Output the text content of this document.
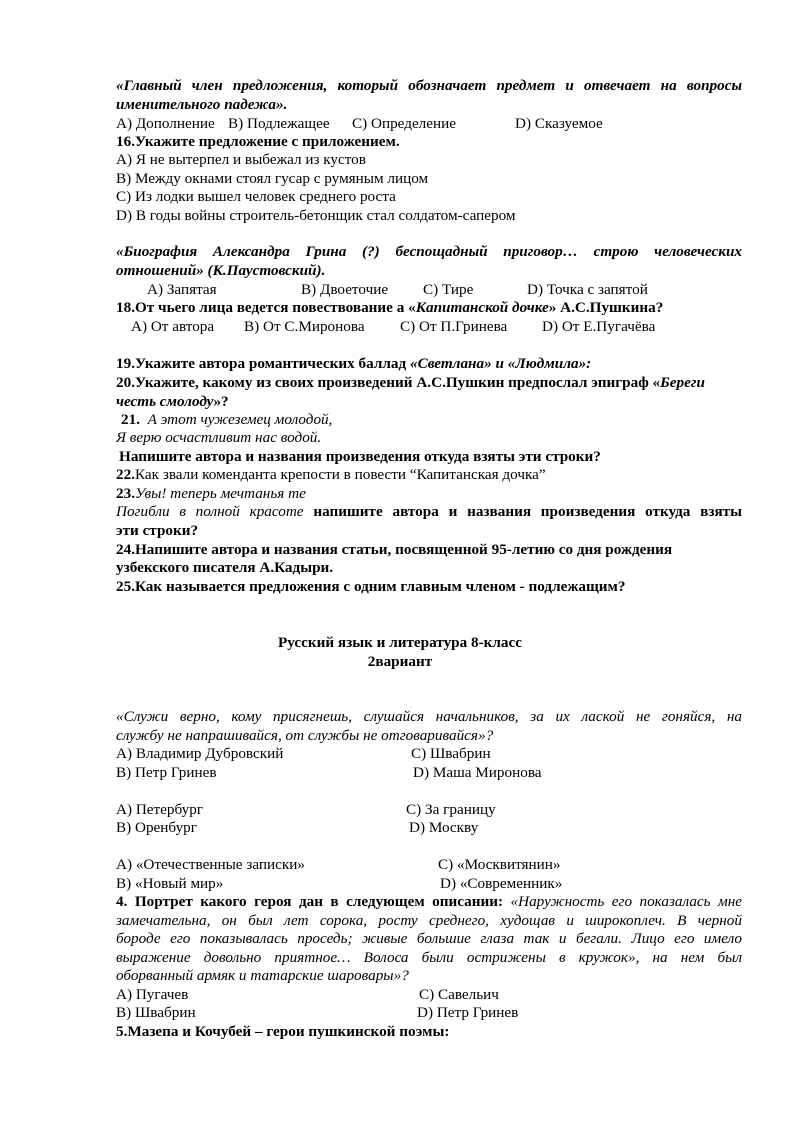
«Главный член предложения, который обозначает предмет и отвечает на вопросы
именительного падежа».
А) Дополнение В) Подлежащее С) Определение	D) Сказуемое
16.Укажите предложение с приложением.
А) Я не вытерпел и выбежал из кустов
В) Между окнами стоял гусар с румяным лицом
С) Из лодки вышел человек среднего роста
D) В годы войны строитель-бетонщик стал солдатом-сапером
«Биография Александра Грина (?) беспощадный приговор… строю человеческих
отношений» (К.Паустовский).
А) Запятая	В) Двоеточие С) Тире	D) Точка с запятой
18.От чьего лица ведется повествование а «Капитанской дочке» А.С.Пушкина?
А) От автора В) От С.Миронова С) От П.Гринева D) От Е.Пугачёва
19.Укажите автора романтических баллад «Светлана» и «Людмила»:
20.Укажите, какому из своих произведений А.С.Пушкин предпослал эпиграф «Береги
честь смолоду»?
21. А этот чужеземец молодой,
Я верю осчастливит нас водой.
Напишите автора и названия произведения откуда взяты эти строки?
22.Как звали коменданта крепости в повести “Капитанская дочка”
23.Увы! теперь мечтанья те
Погибли в полной красоте напишите автора и названия произведения откуда взяты
эти строки?
24.Напишите автора и названия статьи, посвященной 95-летию со дня рождения
узбекского писателя А.Кадыри.
25.Как называется предложения с одним главным членом - подлежащим?
Русский язык и литература 8-класс
2вариант
«Служи верно, кому присягнешь, слушайся начальников, за их лаской не гоняйся, на
службу не напрашивайся, от службы не отговаривайся»?
А) Владимир Дубровский	С) Швабрин
В) Петр Гринев	D) Маша Миронова
А) Петербург	С) За границу
В) Оренбург	D) Москву
А) «Отечественные записки»	С) «Москвитянин»
В) «Новый мир»	D) «Современник»
4. Портрет какого героя дан в следующем описании: «Наружность его показалась мне
замечательна, он был лет сорока, росту среднего, худощав и широкоплеч. В черной
бороде его показывалась проседь; живые большие глаза так и бегали. Лицо его имело
выражение довольно приятное… Волоса были острижены в кружок», на нем был
оборванный армяк и татарские шаровары»?
А) Пугачев	С) Савельич
В) Швабрин	D) Петр Гринев
5.Мазепа и Кочубей – герои пушкинской поэмы:
